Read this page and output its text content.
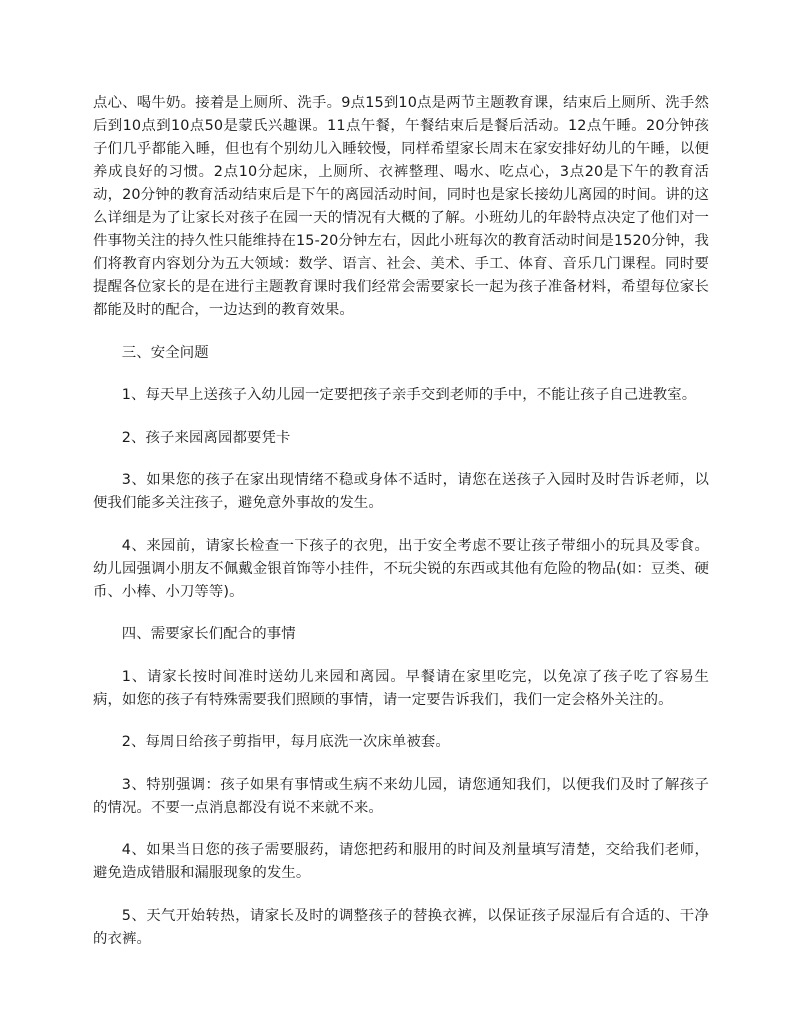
点心、喝牛奶。接着是上厕所、洗手。9点15到10点是两节主题教育课，结束后上厕所、洗手然后到10点到10点50是蒙氏兴趣课。11点午餐，午餐结束后是餐后活动。12点午睡。20分钟孩子们几乎都能入睡，但也有个别幼儿入睡较慢，同样希望家长周末在家安排好幼儿的午睡，以便养成良好的习惯。2点10分起床，上厕所、衣裤整理、喝水、吃点心，3点20是下午的教育活动，20分钟的教育活动结束后是下午的离园活动时间，同时也是家长接幼儿离园的时间。讲的这么详细是为了让家长对孩子在园一天的情况有大概的了解。小班幼儿的年龄特点决定了他们对一件事物关注的持久性只能维持在15-20分钟左右，因此小班每次的教育活动时间是1520分钟，我们将教育内容划分为五大领域：数学、语言、社会、美术、手工、体育、音乐几门课程。同时要提醒各位家长的是在进行主题教育课时我们经常会需要家长一起为孩子准备材料，希望每位家长都能及时的配合，一边达到的教育效果。

三、安全问题

1、每天早上送孩子入幼儿园一定要把孩子亲手交到老师的手中，不能让孩子自己进教室。

2、孩子来园离园都要凭卡

3、如果您的孩子在家出现情绪不稳或身体不适时，请您在送孩子入园时及时告诉老师，以便我们能多关注孩子，避免意外事故的发生。

4、来园前，请家长检查一下孩子的衣兜，出于安全考虑不要让孩子带细小的玩具及零食。幼儿园强调小朋友不佩戴金银首饰等小挂件，不玩尖锐的东西或其他有危险的物品(如：豆类、硬币、小棒、小刀等等)。

四、需要家长们配合的事情

1、请家长按时间准时送幼儿来园和离园。早餐请在家里吃完，以免凉了孩子吃了容易生病，如您的孩子有特殊需要我们照顾的事情，请一定要告诉我们，我们一定会格外关注的。

2、每周日给孩子剪指甲，每月底洗一次床单被套。

3、特别强调：孩子如果有事情或生病不来幼儿园，请您通知我们，以便我们及时了解孩子的情况。不要一点消息都没有说不来就不来。

4、如果当日您的孩子需要服药，请您把药和服用的时间及剂量填写清楚，交给我们老师，避免造成错服和漏服现象的发生。

5、天气开始转热，请家长及时的调整孩子的替换衣裤，以保证孩子尿湿后有合适的、干净的衣裤。
